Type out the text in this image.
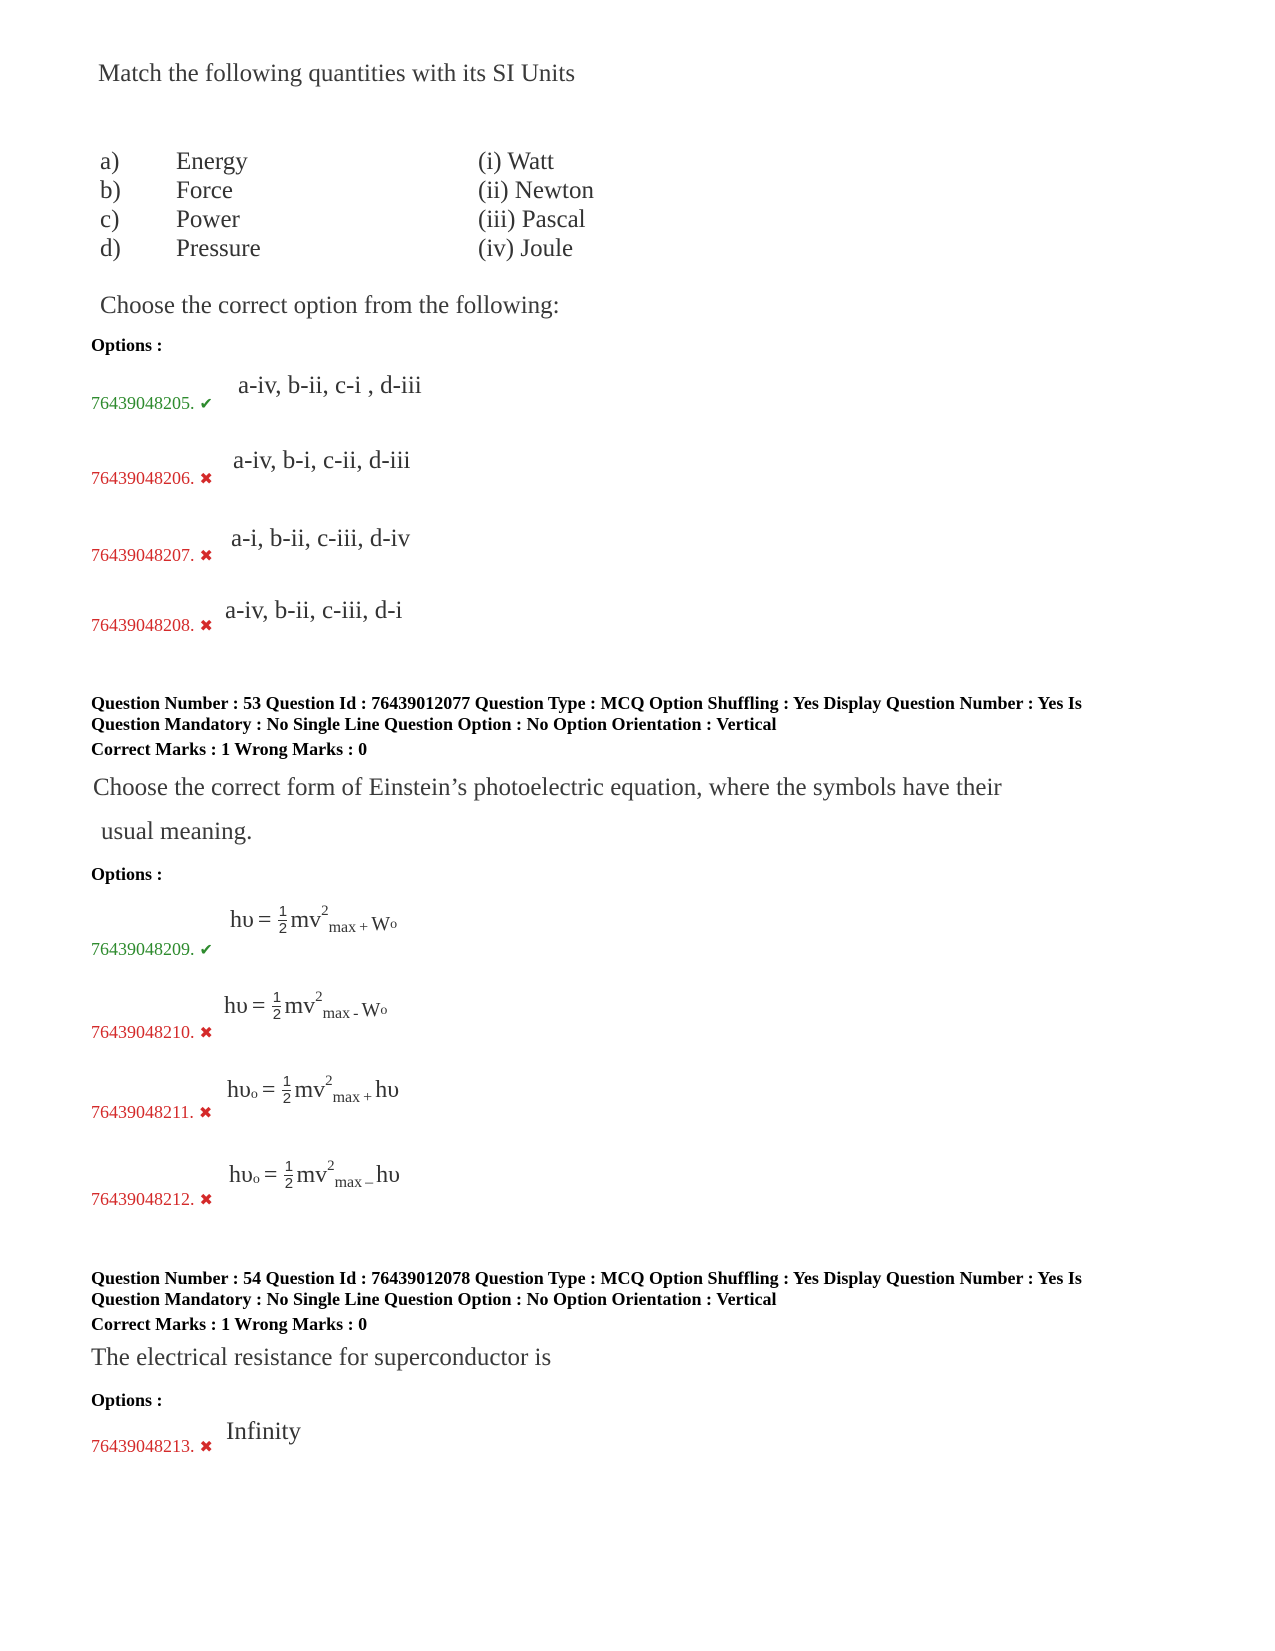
Match the following quantities with its SI Units
a) Energy	(i) Watt
b) Force	(ii) Newton
c) Power	(iii) Pascal
d) Pressure	(iv) Joule
Choose the correct option from the following:
Options :
76439048205. ✔
a-iv, b-ii, c-i , d-iii
76439048206. ✖
a-iv, b-i, c-ii, d-iii
76439048207. ✖
a-i, b-ii, c-iii, d-iv
76439048208. ✖
a-iv, b-ii, c-iii, d-i
Question Number : 53 Question Id : 76439012077 Question Type : MCQ Option Shuffling : Yes Display Question Number : Yes Is
Question Mandatory : No Single Line Question Option : No Option Orientation : Vertical
Correct Marks : 1 Wrong Marks : 0
Choose the correct form of Einstein’s photoelectric equation, where the symbols have their
usual meaning.
Options :
76439048209. ✔
$h\upsilon = \frac{1}{2}$ mv 2
max + W o
76439048210. ✖
$h\upsilon = \frac{1}{2}$ mv 2
max - W o
76439048211. ✖
hυ $o = \frac{1}{2}$ mv 2
max + hυ
76439048212. ✖
hυ $o = \frac{1}{2}$ mv 2
max – hυ
Question Number : 54 Question Id : 76439012078 Question Type : MCQ Option Shuffling : Yes Display Question Number : Yes Is
Question Mandatory : No Single Line Question Option : No Option Orientation : Vertical
Correct Marks : 1 Wrong Marks : 0
The electrical resistance for superconductor is
Options :
76439048213. ✖
Infinity
